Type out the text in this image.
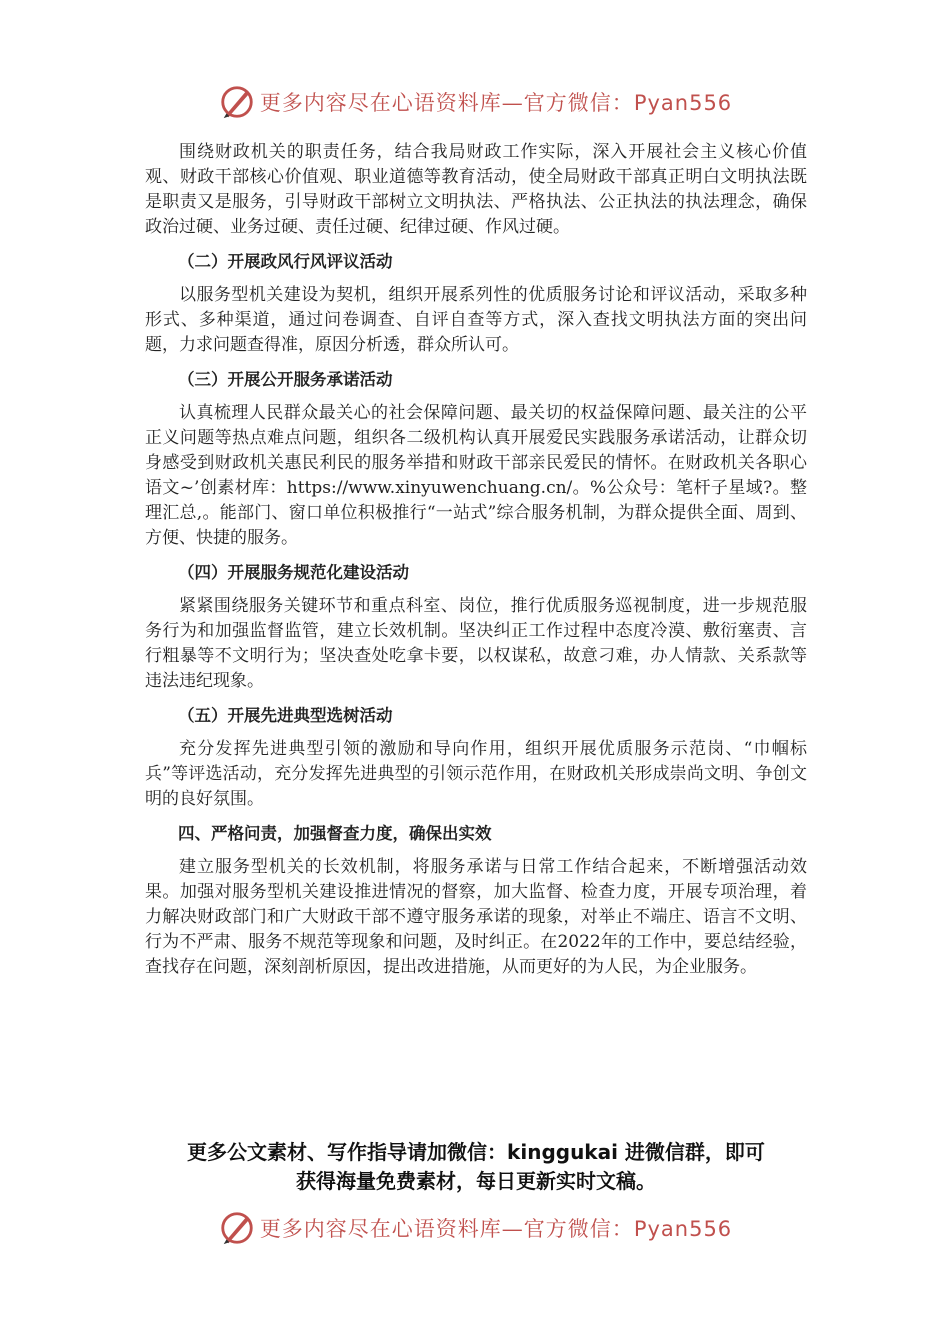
更多内容尽在心语资料库—官方微信：Pyan556

围绕财政机关的职责任务，结合我局财政工作实际，深入开展社会主义核心价值观、财政干部核心价值观、职业道德等教育活动，使全局财政干部真正明白文明执法既是职责又是服务，引导财政干部树立文明执法、严格执法、公正执法的执法理念，确保政治过硬、业务过硬、责任过硬、纪律过硬、作风过硬。

（二）开展政风行风评议活动

以服务型机关建设为契机，组织开展系列性的优质服务讨论和评议活动，采取多种形式、多种渠道，通过问卷调查、自评自查等方式，深入查找文明执法方面的突出问题，力求问题查得准，原因分析透，群众所认可。

（三）开展公开服务承诺活动

认真梳理人民群众最关心的社会保障问题、最关切的权益保障问题、最关注的公平正义问题等热点难点问题，组织各二级机构认真开展爱民实践服务承诺活动，让群众切身感受到财政机关惠民利民的服务举措和财政干部亲民爱民的情怀。在财政机关各职心语文~’创素材库：https://www.xinyuwenchuang.cn/。%公众号：笔杆子星域?。整理汇总,。能部门、窗口单位积极推行“一站式”综合服务机制，为群众提供全面、周到、方便、快捷的服务。

（四）开展服务规范化建设活动

紧紧围绕服务关键环节和重点科室、岗位，推行优质服务巡视制度，进一步规范服务行为和加强监督监管，建立长效机制。坚决纠正工作过程中态度冷漠、敷衍塞责、言行粗暴等不文明行为；坚决查处吃拿卡要，以权谋私，故意刁难，办人情款、关系款等违法违纪现象。

（五）开展先进典型选树活动

充分发挥先进典型引领的激励和导向作用，组织开展优质服务示范岗、“巾帼标兵”等评选活动，充分发挥先进典型的引领示范作用，在财政机关形成崇尚文明、争创文明的良好氛围。

四、严格问责，加强督查力度，确保出实效

建立服务型机关的长效机制，将服务承诺与日常工作结合起来，不断增强活动效果。加强对服务型机关建设推进情况的督察，加大监督、检查力度，开展专项治理，着力解决财政部门和广大财政干部不遵守服务承诺的现象，对举止不端庄、语言不文明、行为不严肃、服务不规范等现象和问题，及时纠正。在2022年的工作中，要总结经验，查找存在问题，深刻剖析原因，提出改进措施，从而更好的为人民，为企业服务。

更多公文素材、写作指导请加微信：kinggukai 进微信群，即可
获得海量免费素材，每日更新实时文稿。
更多内容尽在心语资料库—官方微信：Pyan556
